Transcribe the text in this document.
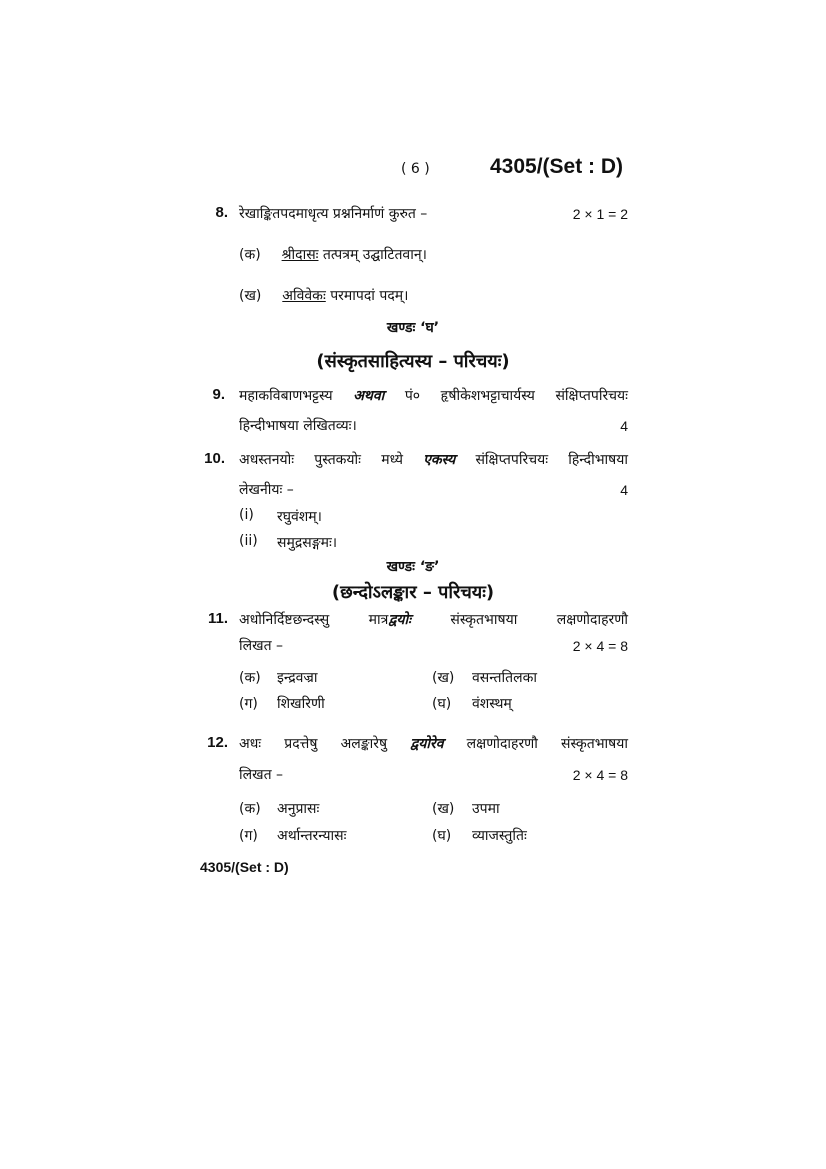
( 6 )	4305/(Set : D)
8. रेखाङ्कितपदमाधृत्य प्रश्ननिर्माणं कुरुत –	2 × 1 = 2
(क) श्रीदासः तत्पत्रम् उद्घाटितवान्।
(ख) अविवेकः परमापदां पदम्।
खण्डः ‘घ’
(संस्कृतसाहित्यस्य – परिचयः)
9. महाकविबाणभट्टस्य अथवा पं० हृषीकेशभट्टाचार्यस्य संक्षिप्तपरिचयः
हिन्दीभाषया लेखितव्यः।	4
10. अधस्तनयोः पुस्तकयोः मध्ये एकस्य संक्षिप्तपरिचयः हिन्दीभाषया
लेखनीयः –	4
(i) रघुवंशम्।
(ii) समुद्रसङ्गमः।
खण्डः ‘ङ’
(छन्दोऽलङ्कार – परिचयः)
11. अधोनिर्दिष्टछन्दस्सु मात्रद्वयोः	संस्कृतभाषया लक्षणोदाहरणौ
लिखत –	2 × 4 = 8
(क) इन्द्रवज्रा	(ख) वसन्ततिलका
(ग) शिखरिणी	(घ) वंशस्थम्
12. अधः प्रदत्तेषु अलङ्कारेषु द्वयोरेव लक्षणोदाहरणौ संस्कृतभाषया
लिखत –	2 × 4 = 8
(क) अनुप्रासः	(ख) उपमा
(ग) अर्थान्तरन्यासः	(घ) व्याजस्तुतिः
4305/(Set : D)
